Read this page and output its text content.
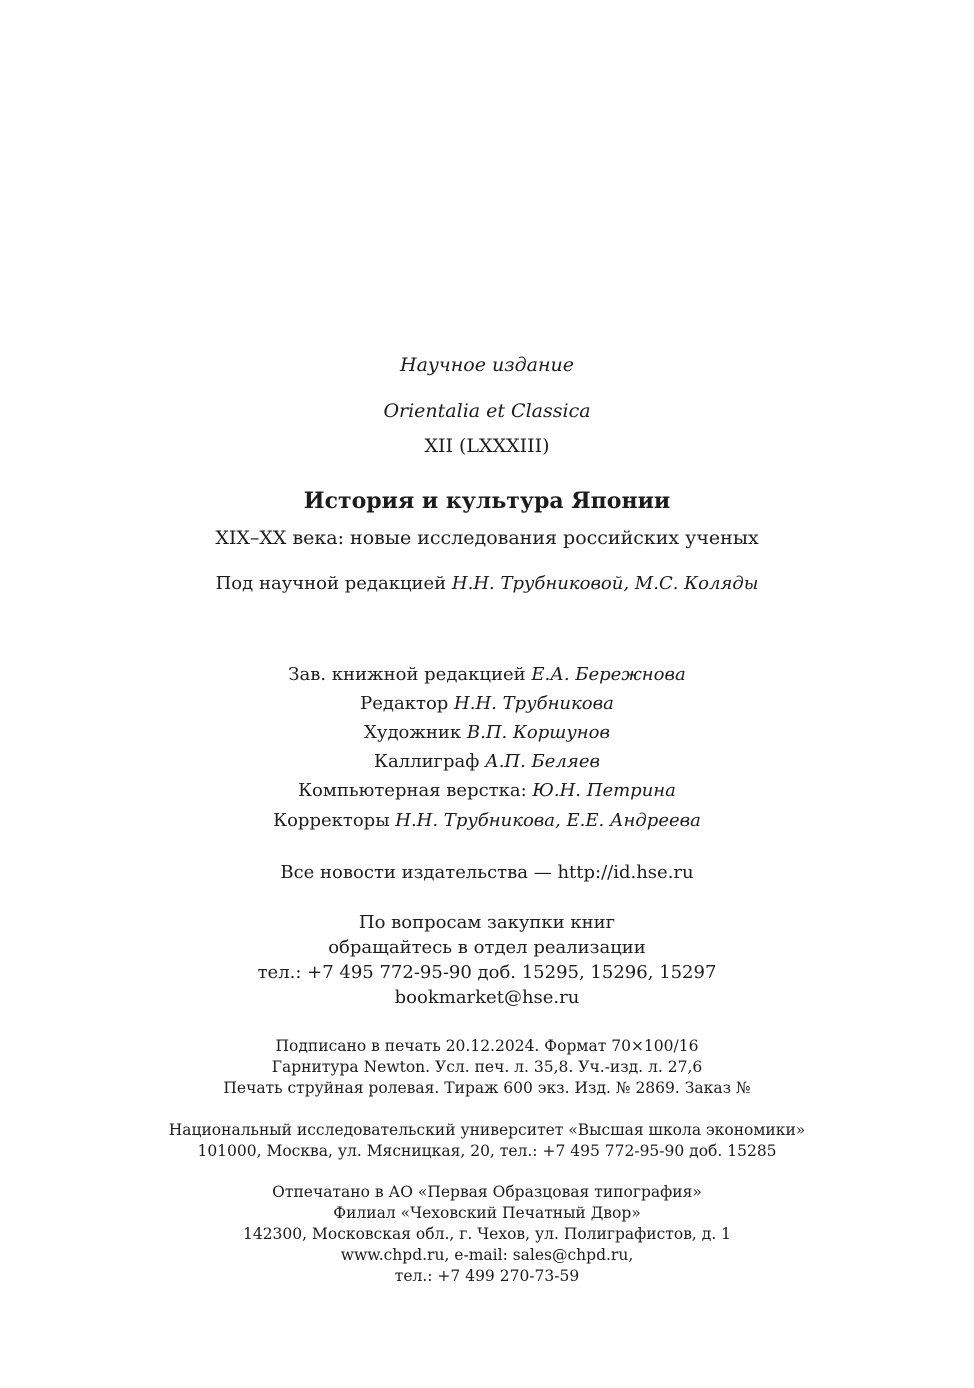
Научное издание
Orientalia et Classica
XII (LXXXIII)
История и культура Японии
XIX–XX века: новые исследования российских ученых
Под научной редакцией Н.Н. Трубниковой, М.С. Коляды
Зав. книжной редакцией Е.А. Бережнова
Редактор Н.Н. Трубникова
Художник В.П. Коршунов
Каллиграф А.П. Беляев
Компьютерная верстка: Ю.Н. Петрина
Корректоры Н.Н. Трубникова, Е.Е. Андреева
Все новости издательства — http://id.hse.ru
По вопросам закупки книг
обращайтесь в отдел реализации
тел.: +7 495 772-95-90 доб. 15295, 15296, 15297
bookmarket@hse.ru
Подписано в печать 20.12.2024. Формат 70×100/16
Гарнитура Newton. Усл. печ. л. 35,8. Уч.-изд. л. 27,6
Печать струйная ролевая. Тираж 600 экз. Изд. № 2869. Заказ №
Национальный исследовательский университет «Высшая школа экономики»
101000, Москва, ул. Мясницкая, 20, тел.: +7 495 772-95-90 доб. 15285
Отпечатано в АО «Первая Образцовая типография»
Филиал «Чеховский Печатный Двор»
142300, Московская обл., г. Чехов, ул. Полиграфистов, д. 1
www.chpd.ru, e-mail: sales@chpd.ru,
тел.: +7 499 270-73-59
